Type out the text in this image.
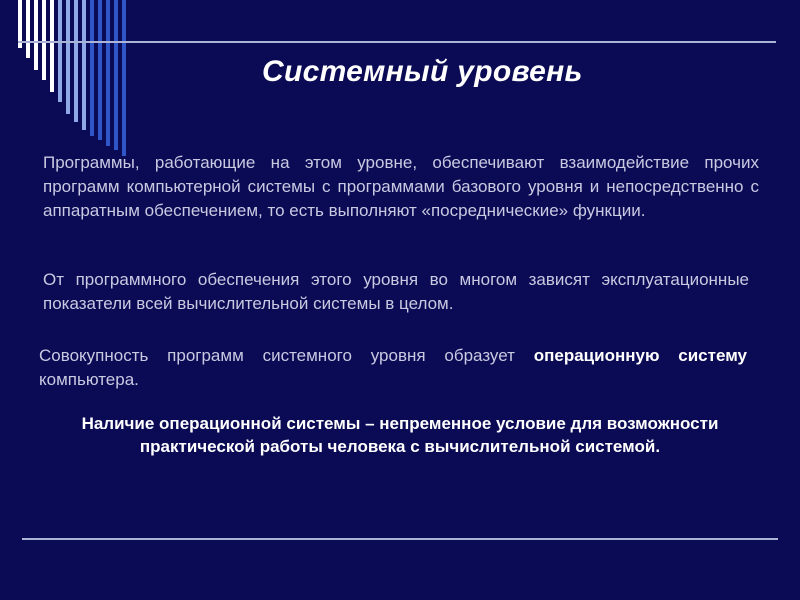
Системный уровень
Программы, работающие на этом уровне, обеспечивают взаимодействие прочих программ компьютерной системы с программами базового уровня и непосредственно с аппаратным обеспечением, то есть выполняют «посреднические» функции.
От программного обеспечения этого уровня во многом зависят эксплуатационные показатели всей вычислительной системы в целом.
Совокупность программ системного уровня образует операционную систему компьютера.
Наличие операционной системы – непременное условие для возможности практической работы человека с вычислительной системой.
